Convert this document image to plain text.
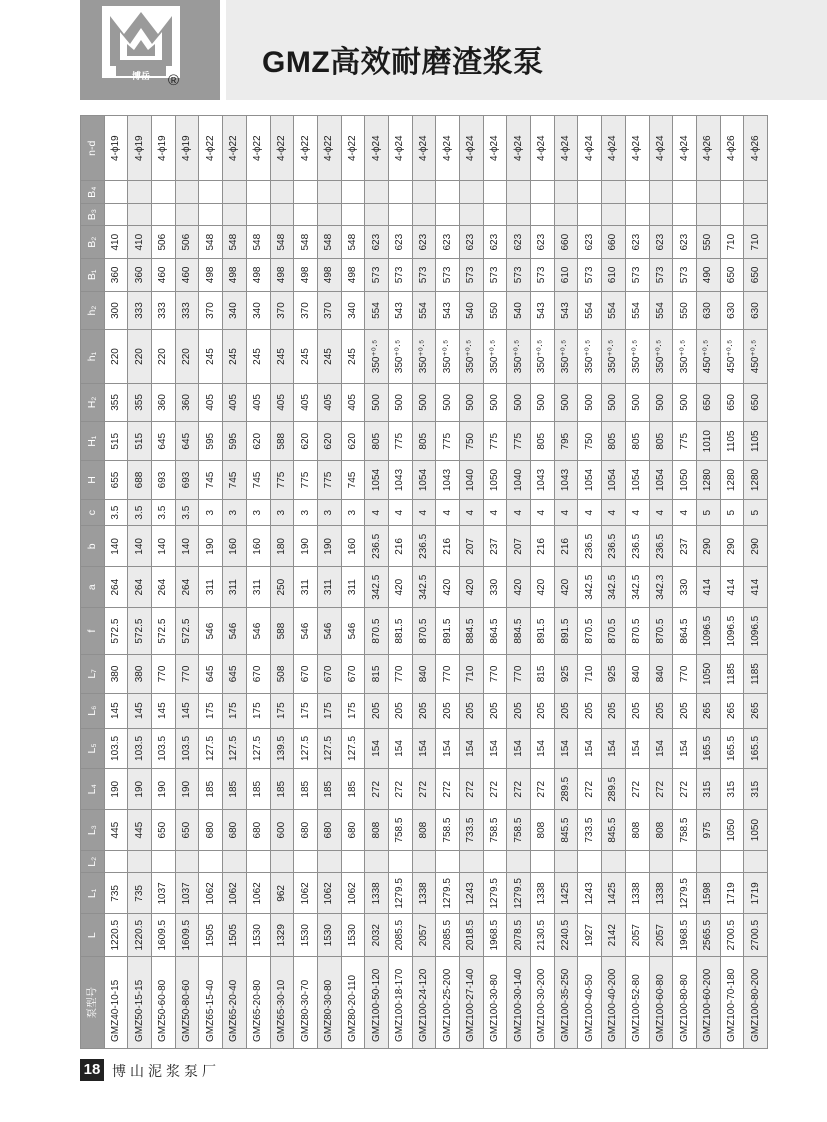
博岳 ®
GMZ高效耐磨渣浆泵
泵型号	L	L₁	L₂	L₃	L₄	L₅	L₆	L₇	f	a	b	c	H	H₁	H₂	h₁	h₂	B₁	B₂	B₃	B₄	n-d
GMZ40-10-15	1220.5	735		445	190	103.5	145	380	572.5	264	140	3.5	655	515	355	220	300	360	410			4-ϕ19
GMZ50-15-15	1220.5	735		445	190	103.5	145	380	572.5	264	140	3.5	688	515	355	220	333	360	410			4-ϕ19
GMZ50-60-80	1609.5	1037		650	190	103.5	145	770	572.5	264	140	3.5	693	645	360	220	333	460	506			4-ϕ19
GMZ50-80-60	1609.5	1037		650	190	103.5	145	770	572.5	264	140	3.5	693	645	360	220	333	460	506			4-ϕ19
GMZ65-15-40	1505	1062		680	185	127.5	175	645	546	311	190	3	745	595	405	245	370	498	548			4-ϕ22
GMZ65-20-40	1505	1062		680	185	127.5	175	645	546	311	160	3	745	595	405	245	340	498	548			4-ϕ22
GMZ65-20-80	1530	1062		680	185	127.5	175	670	546	311	160	3	745	620	405	245	340	498	548			4-ϕ22
GMZ65-30-10	1329	962		600	185	139.5	175	508	588	250	180	3	775	588	405	245	370	498	548			4-ϕ22
GMZ80-30-70	1530	1062		680	185	127.5	175	670	546	311	190	3	775	620	405	245	370	498	548			4-ϕ22
GMZ80-30-80	1530	1062		680	185	127.5	175	670	546	311	190	3	775	620	405	245	370	498	548			4-ϕ22
GMZ80-20-110	1530	1062		680	185	127.5	175	670	546	311	160	3	745	620	405	245	340	498	548			4-ϕ22
GMZ100-50-120	2032	1338		808	272	154	205	815	870.5	342.5	236.5	4	1054	805	500	350⁺⁰·⁵	554	573	623			4-ϕ24
GMZ100-18-170	2085.5	1279.5		758.5	272	154	205	770	881.5	420	216	4	1043	775	500	350⁺⁰·⁵	543	573	623			4-ϕ24
GMZ100-24-120	2057	1338		808	272	154	205	840	870.5	342.5	236.5	4	1054	805	500	350⁺⁰·⁵	554	573	623			4-ϕ24
GMZ100-25-200	2085.5	1279.5		758.5	272	154	205	770	891.5	420	216	4	1043	775	500	350⁺⁰·⁵	543	573	623			4-ϕ24
GMZ100-27-140	2018.5	1243		733.5	272	154	205	710	884.5	420	207	4	1040	750	500	350⁺⁰·⁵	540	573	623			4-ϕ24
GMZ100-30-80	1968.5	1279.5		758.5	272	154	205	770	864.5	330	237	4	1050	775	500	350⁺⁰·⁵	550	573	623			4-ϕ24
GMZ100-30-140	2078.5	1279.5		758.5	272	154	205	770	884.5	420	207	4	1040	775	500	350⁺⁰·⁵	540	573	623			4-ϕ24
GMZ100-30-200	2130.5	1338		808	272	154	205	815	891.5	420	216	4	1043	805	500	350⁺⁰·⁵	543	573	623			4-ϕ24
GMZ100-35-250	2240.5	1425		845.5	289.5	154	205	925	891.5	420	216	4	1043	795	500	350⁺⁰·⁵	543	610	660			4-ϕ24
GMZ100-40-50	1927	1243		733.5	272	154	205	710	870.5	342.5	236.5	4	1054	750	500	350⁺⁰·⁵	554	573	623			4-ϕ24
GMZ100-40-200	2142	1425		845.5	289.5	154	205	925	870.5	342.5	236.5	4	1054	805	500	350⁺⁰·⁵	554	610	660			4-ϕ24
GMZ100-52-80	2057	1338		808	272	154	205	840	870.5	342.5	236.5	4	1054	805	500	350⁺⁰·⁵	554	573	623			4-ϕ24
GMZ100-60-80	2057	1338		808	272	154	205	840	870.5	342.3	236.5	4	1054	805	500	350⁺⁰·⁵	554	573	623			4-ϕ24
GMZ100-80-80	1968.5	1279.5		758.5	272	154	205	770	864.5	330	237	4	1050	775	500	350⁺⁰·⁵	550	573	623			4-ϕ24
GMZ100-60-200	2565.5	1598		975	315	165.5	265	1050	1096.5	414	290	5	1280	1010	650	450⁺⁰·⁵	630	490	550			4-ϕ26
GMZ100-70-180	2700.5	1719		1050	315	165.5	265	1185	1096.5	414	290	5	1280	1105	650	450⁺⁰·⁵	630	650	710			4-ϕ26
GMZ100-80-200	2700.5	1719		1050	315	165.5	265	1185	1096.5	414	290	5	1280	1105	650	450⁺⁰·⁵	630	650	710			4-ϕ26
18 博山泥浆泵厂
